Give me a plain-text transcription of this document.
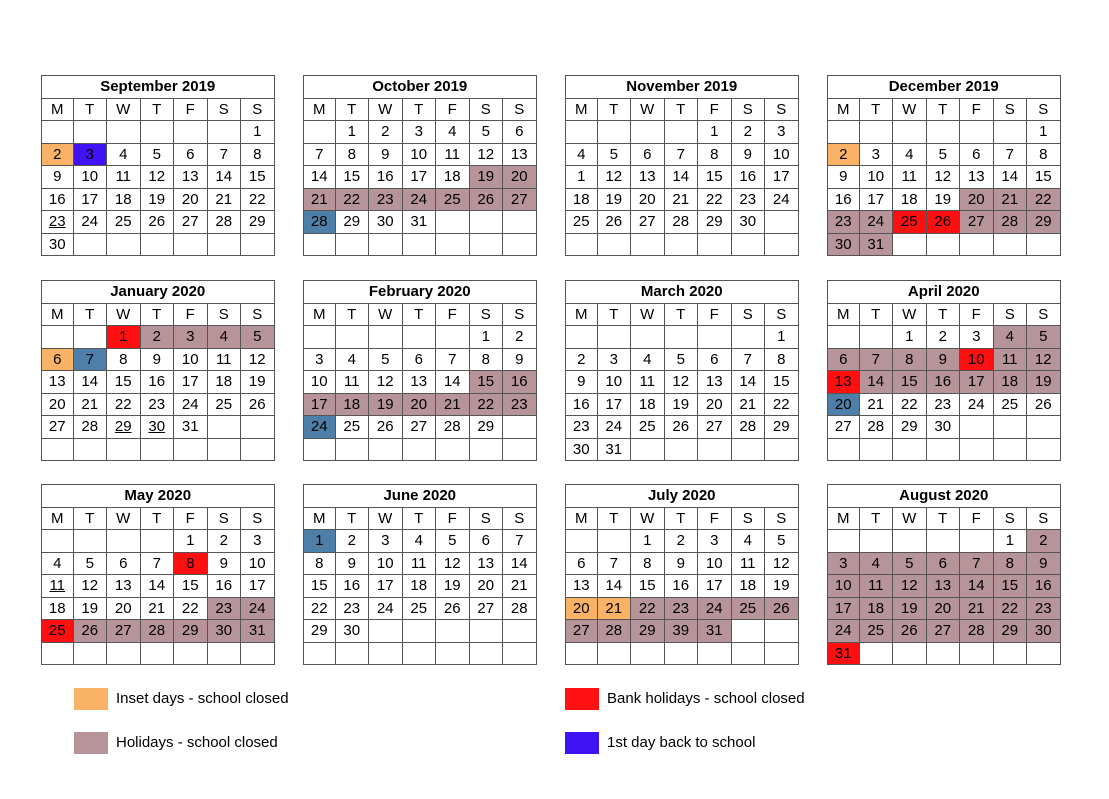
September 2019						
M	T	W	T	F	S	S
						1
2	3	4	5	6	7	8
9	10	11	12	13	14	15
16	17	18	19	20	21	22
23	24	25	26	27	28	29
30						
October 2019						
M	T	W	T	F	S	S
	1	2	3	4	5	6
7	8	9	10	11	12	13
14	15	16	17	18	19	20
21	22	23	24	25	26	27
28	29	30	31			

November 2019						
M	T	W	T	F	S	S
				1	2	3
4	5	6	7	8	9	10
1	12	13	14	15	16	17
18	19	20	21	22	23	24
25	26	27	28	29	30	

December 2019						
M	T	W	T	F	S	S
						1
2	3	4	5	6	7	8
9	10	11	12	13	14	15
16	17	18	19	20	21	22
23	24	25	26	27	28	29
30	31					
January 2020						
M	T	W	T	F	S	S
		1	2	3	4	5
6	7	8	9	10	11	12
13	14	15	16	17	18	19
20	21	22	23	24	25	26
27	28	29	30	31		

February 2020						
M	T	W	T	F	S	S
					1	2
3	4	5	6	7	8	9
10	11	12	13	14	15	16
17	18	19	20	21	22	23
24	25	26	27	28	29	

March 2020						
M	T	W	T	F	S	S
						1
2	3	4	5	6	7	8
9	10	11	12	13	14	15
16	17	18	19	20	21	22
23	24	25	26	27	28	29
30	31					
April 2020						
M	T	W	T	F	S	S
		1	2	3	4	5
6	7	8	9	10	11	12
13	14	15	16	17	18	19
20	21	22	23	24	25	26
27	28	29	30			

May 2020						
M	T	W	T	F	S	S
				1	2	3
4	5	6	7	8	9	10
11	12	13	14	15	16	17
18	19	20	21	22	23	24
25	26	27	28	29	30	31

June 2020						
M	T	W	T	F	S	S
1	2	3	4	5	6	7
8	9	10	11	12	13	14
15	16	17	18	19	20	21
22	23	24	25	26	27	28
29	30					

July 2020						
M	T	W	T	F	S	S
		1	2	3	4	5
6	7	8	9	10	11	12
13	14	15	16	17	18	19
20	21	22	23	24	25	26
27	28	29	39	31		

August 2020						
M	T	W	T	F	S	S
					1	2
3	4	5	6	7	8	9
10	11	12	13	14	15	16
17	18	19	20	21	22	23
24	25	26	27	28	29	30
31						
Inset days - school closed
Holidays - school closed
Bank holidays - school closed
1st day back to school
